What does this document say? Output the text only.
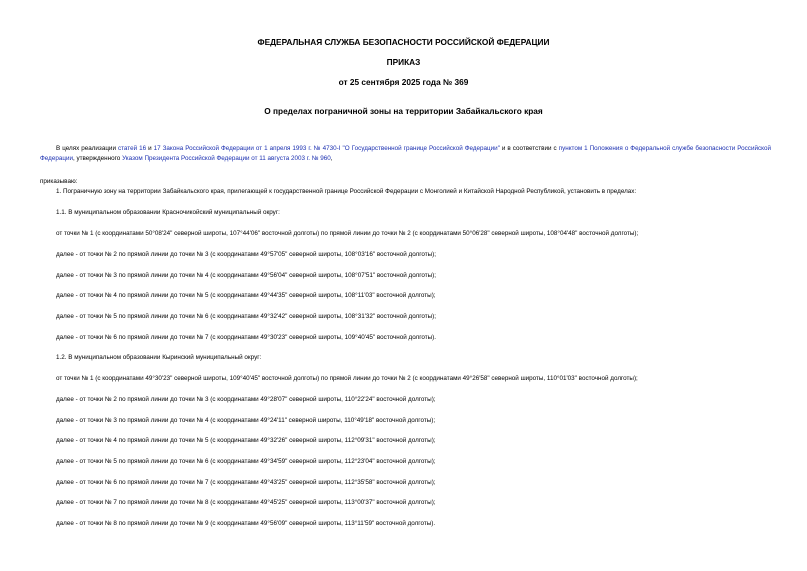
ФЕДЕРАЛЬНАЯ СЛУЖБА БЕЗОПАСНОСТИ РОССИЙСКОЙ ФЕДЕРАЦИИ
ПРИКАЗ
от 25 сентября 2025 года № 369
О пределах пограничной зоны на территории Забайкальского края
В целях реализации статей 16 и 17 Закона Российской Федерации от 1 апреля 1993 г. № 4730-I "О Государственной границе Российской Федерации" и в соответствии с пунктом 1 Положения о Федеральной службе безопасности Российской Федерации, утвержденного Указом Президента Российской Федерации от 11 августа 2003 г. № 960,
приказываю:
1. Пограничную зону на территории Забайкальского края, прилегающей к государственной границе Российской Федерации с Монголией и Китайской Народной Республикой, установить в пределах:
1.1. В муниципальном образовании Красночикойский муниципальный округ:
от точки № 1 (с координатами 50°08'24" северной широты, 107°44'06" восточной долготы) по прямой линии до точки № 2 (с координатами 50°06'28" северной широты, 108°04'48" восточной долготы);
далее - от точки № 2 по прямой линии до точки № 3 (с координатами 49°57'05" северной широты, 108°03'16" восточной долготы);
далее - от точки № 3 по прямой линии до точки № 4 (с координатами 49°56'04" северной широты, 108°07'51" восточной долготы);
далее - от точки № 4 по прямой линии до точки № 5 (с координатами 49°44'35" северной широты, 108°11'03" восточной долготы);
далее - от точки № 5 по прямой линии до точки № 6 (с координатами 49°32'42" северной широты, 108°31'32" восточной долготы);
далее - от точки № 6 по прямой линии до точки № 7 (с координатами 49°30'23" северной широты, 109°40'45" восточной долготы).
1.2. В муниципальном образовании Кыринский муниципальный округ:
от точки № 1 (с координатами 49°30'23" северной широты, 109°40'45" восточной долготы) по прямой линии до точки № 2 (с координатами 49°26'58" северной широты, 110°01'03" восточной долготы);
далее - от точки № 2 по прямой линии до точки № 3 (с координатами 49°28'07" северной широты, 110°22'24" восточной долготы);
далее - от точки № 3 по прямой линии до точки № 4 (с координатами 49°24'11" северной широты, 110°49'18" восточной долготы);
далее - от точки № 4 по прямой линии до точки № 5 (с координатами 49°32'26" северной широты, 112°09'31" восточной долготы);
далее - от точки № 5 по прямой линии до точки № 6 (с координатами 49°34'59" северной широты, 112°23'04" восточной долготы);
далее - от точки № 6 по прямой линии до точки № 7 (с координатами 49°43'25" северной широты, 112°35'58" восточной долготы);
далее - от точки № 7 по прямой линии до точки № 8 (с координатами 49°45'25" северной широты, 113°00'37" восточной долготы);
далее - от точки № 8 по прямой линии до точки № 9 (с координатами 49°56'09" северной широты, 113°11'59" восточной долготы).
